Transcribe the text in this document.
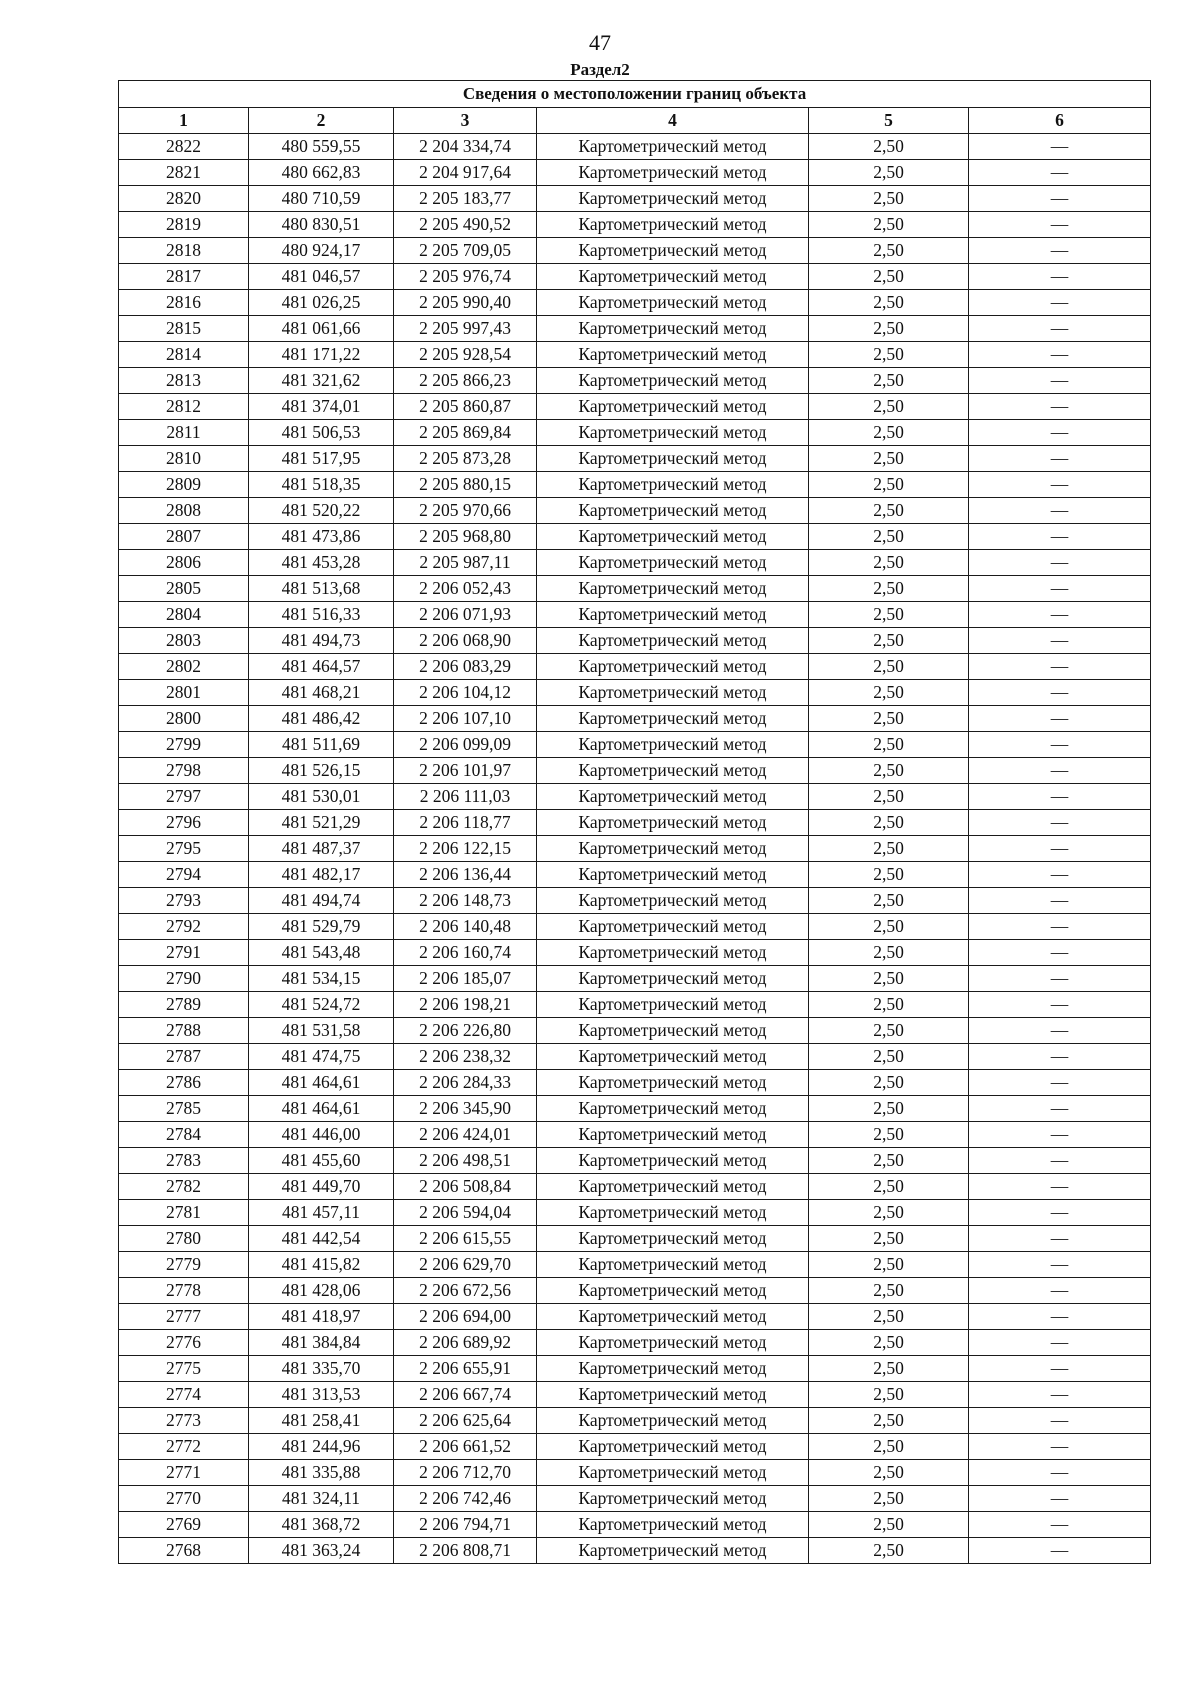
47
Раздел2
Сведения о местоположении границ объекта					
1	2	3	4	5	6
2822	480 559,55	2 204 334,74	Картометрический метод	2,50	—
2821	480 662,83	2 204 917,64	Картометрический метод	2,50	—
2820	480 710,59	2 205 183,77	Картометрический метод	2,50	—
2819	480 830,51	2 205 490,52	Картометрический метод	2,50	—
2818	480 924,17	2 205 709,05	Картометрический метод	2,50	—
2817	481 046,57	2 205 976,74	Картометрический метод	2,50	—
2816	481 026,25	2 205 990,40	Картометрический метод	2,50	—
2815	481 061,66	2 205 997,43	Картометрический метод	2,50	—
2814	481 171,22	2 205 928,54	Картометрический метод	2,50	—
2813	481 321,62	2 205 866,23	Картометрический метод	2,50	—
2812	481 374,01	2 205 860,87	Картометрический метод	2,50	—
2811	481 506,53	2 205 869,84	Картометрический метод	2,50	—
2810	481 517,95	2 205 873,28	Картометрический метод	2,50	—
2809	481 518,35	2 205 880,15	Картометрический метод	2,50	—
2808	481 520,22	2 205 970,66	Картометрический метод	2,50	—
2807	481 473,86	2 205 968,80	Картометрический метод	2,50	—
2806	481 453,28	2 205 987,11	Картометрический метод	2,50	—
2805	481 513,68	2 206 052,43	Картометрический метод	2,50	—
2804	481 516,33	2 206 071,93	Картометрический метод	2,50	—
2803	481 494,73	2 206 068,90	Картометрический метод	2,50	—
2802	481 464,57	2 206 083,29	Картометрический метод	2,50	—
2801	481 468,21	2 206 104,12	Картометрический метод	2,50	—
2800	481 486,42	2 206 107,10	Картометрический метод	2,50	—
2799	481 511,69	2 206 099,09	Картометрический метод	2,50	—
2798	481 526,15	2 206 101,97	Картометрический метод	2,50	—
2797	481 530,01	2 206 111,03	Картометрический метод	2,50	—
2796	481 521,29	2 206 118,77	Картометрический метод	2,50	—
2795	481 487,37	2 206 122,15	Картометрический метод	2,50	—
2794	481 482,17	2 206 136,44	Картометрический метод	2,50	—
2793	481 494,74	2 206 148,73	Картометрический метод	2,50	—
2792	481 529,79	2 206 140,48	Картометрический метод	2,50	—
2791	481 543,48	2 206 160,74	Картометрический метод	2,50	—
2790	481 534,15	2 206 185,07	Картометрический метод	2,50	—
2789	481 524,72	2 206 198,21	Картометрический метод	2,50	—
2788	481 531,58	2 206 226,80	Картометрический метод	2,50	—
2787	481 474,75	2 206 238,32	Картометрический метод	2,50	—
2786	481 464,61	2 206 284,33	Картометрический метод	2,50	—
2785	481 464,61	2 206 345,90	Картометрический метод	2,50	—
2784	481 446,00	2 206 424,01	Картометрический метод	2,50	—
2783	481 455,60	2 206 498,51	Картометрический метод	2,50	—
2782	481 449,70	2 206 508,84	Картометрический метод	2,50	—
2781	481 457,11	2 206 594,04	Картометрический метод	2,50	—
2780	481 442,54	2 206 615,55	Картометрический метод	2,50	—
2779	481 415,82	2 206 629,70	Картометрический метод	2,50	—
2778	481 428,06	2 206 672,56	Картометрический метод	2,50	—
2777	481 418,97	2 206 694,00	Картометрический метод	2,50	—
2776	481 384,84	2 206 689,92	Картометрический метод	2,50	—
2775	481 335,70	2 206 655,91	Картометрический метод	2,50	—
2774	481 313,53	2 206 667,74	Картометрический метод	2,50	—
2773	481 258,41	2 206 625,64	Картометрический метод	2,50	—
2772	481 244,96	2 206 661,52	Картометрический метод	2,50	—
2771	481 335,88	2 206 712,70	Картометрический метод	2,50	—
2770	481 324,11	2 206 742,46	Картометрический метод	2,50	—
2769	481 368,72	2 206 794,71	Картометрический метод	2,50	—
2768	481 363,24	2 206 808,71	Картометрический метод	2,50	—
